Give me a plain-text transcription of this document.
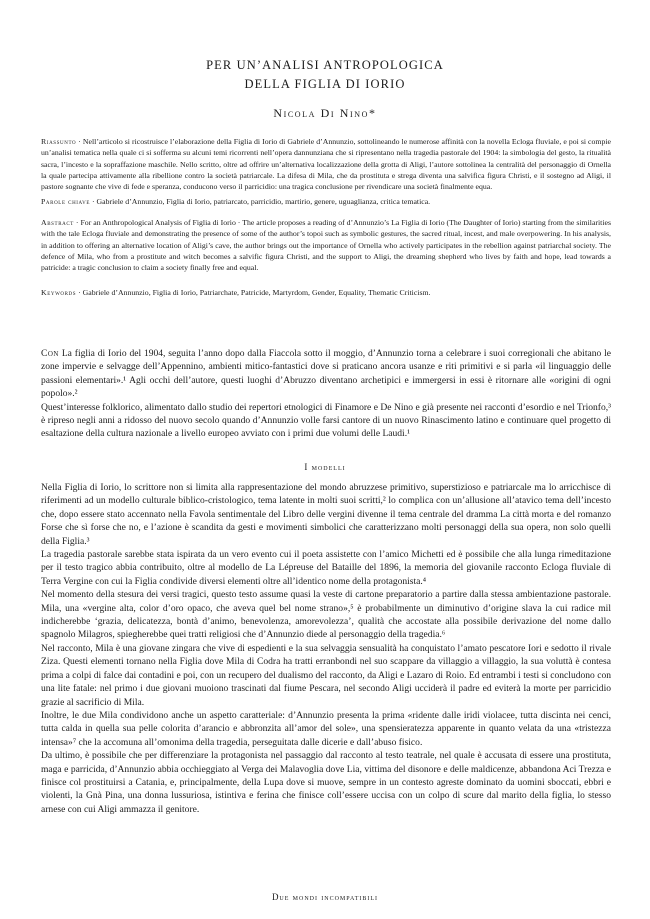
PER UN’ANALISI ANTROPOLOGICA
DELLA FIGLIA DI IORIO
Nicola Di Nino*
Riassunto · Nell’articolo si ricostruisce l’elaborazione della Figlia di Iorio di Gabriele d’Annunzio, sottolineando le numerose affinità con la novella Ecloga fluviale, e poi si compie un’analisi tematica nella quale ci si sofferma su alcuni temi ricorrenti nell’opera dannunziana che si ripresentano nella tragedia pastorale del 1904: la simbologia del gesto, la ritualità sacra, l’incesto e la sopraffazione maschile. Nello scritto, oltre ad offrire un’alternativa localizzazione della grotta di Aligi, l’autore sottolinea la centralità del personaggio di Ornella la quale partecipa attivamente alla ribellione contro la società patriarcale. La difesa di Mila, che da prostituta e strega diventa una salvifica figura Christi, e il sostegno ad Aligi, il pastore sognante che vive di fede e speranza, conducono verso il parricidio: una tragica conclusione per rivendicare una società finalmente equa.
Parole chiave · Gabriele d’Annunzio, Figlia di Iorio, patriarcato, parricidio, martirio, genere, uguaglianza, critica tematica.
Abstract · For an Anthropological Analysis of Figlia di Iorio · The article proposes a reading of d’Annunzio’s La Figlia di Iorio (The Daughter of Iorio) starting from the similarities with the tale Ecloga fluviale and demonstrating the presence of some of the author’s topoi such as symbolic gestures, the sacred ritual, incest, and male overpowering. In his analysis, in addition to offering an alternative location of Aligi’s cave, the author brings out the importance of Ornella who actively participates in the rebellion against patriarchal society. The defence of Mila, who from a prostitute and witch becomes a salvific figura Christi, and the support to Aligi, the dreaming shepherd who lives by faith and hope, lead towards a patricide: a tragic conclusion to claim a society finally free and equal.
Keywords · Gabriele d’Annunzio, Figlia di Iorio, Patriarchate, Patricide, Martyrdom, Gender, Equality, Thematic Criticism.

Con La figlia di Iorio del 1904, seguita l’anno dopo dalla Fiaccola sotto il moggio, d’Annunzio torna a celebrare i suoi corregionali che abitano le zone impervie e selvagge dell’Appennino, ambienti mitico-fantastici dove si praticano ancora usanze e riti primitivi e si parla «il linguaggio delle passioni elementari».¹ Agli occhi dell’autore, questi luoghi d’Abruzzo diventano archetipici e immergersi in essi è ritornare alle «origini di ogni popolo».²

Quest’interesse folklorico, alimentato dallo studio dei repertori etnologici di Finamore e De Nino e già presente nei racconti d’esordio e nel Trionfo,³ è ripreso negli anni a ridosso del nuovo secolo quando d’Annunzio volle farsi cantore di un nuovo Rinascimento latino e continuare quel progetto di esaltazione della cultura nazionale a livello europeo avviato con i primi due volumi delle Laudi.¹

I modelli

Nella Figlia di Iorio, lo scrittore non si limita alla rappresentazione del mondo abruzzese primitivo, superstizioso e patriarcale ma lo arricchisce di riferimenti ad un modello culturale biblico-cristologico, tema latente in molti suoi scritti,² lo complica con un’allusione all’atavico tema dell’incesto che, dopo essere stato accennato nella Favola sentimentale del Libro delle vergini divenne il tema centrale del dramma La città morta e del romanzo Forse che sì forse che no, e l’azione è scandita da gesti e movimenti simbolici che caratterizzano molti personaggi della sua opera, non solo quelli della Figlia.³

La tragedia pastorale sarebbe stata ispirata da un vero evento cui il poeta assistette con l’amico Michetti ed è possibile che alla lunga rimeditazione per il testo tragico abbia contribuito, oltre al modello de La Lépreuse del Bataille del 1896, la memoria del giovanile racconto Ecloga fluviale di Terra Vergine con cui la Figlia condivide diversi elementi oltre all’identico nome della protagonista.⁴

Nel momento della stesura dei versi tragici, questo testo assume quasi la veste di cartone preparatorio a partire dalla stessa ambientazione pastorale. Mila, una «vergine alta, color d’oro opaco, che aveva quel bel nome strano»,⁵ è probabilmente un diminutivo d’origine slava la cui radice mil indicherebbe ‘grazia, delicatezza, bontà d’animo, benevolenza, amorevolezza’, qualità che accostate alla possibile derivazione del nome dallo spagnolo Milagros, spiegherebbe quei tratti religiosi che d’Annunzio diede al personaggio della tragedia.⁶

Nel racconto, Mila è una giovane zingara che vive di espedienti e la sua selvaggia sensualità ha conquistato l’amato pescatore Iori e sedotto il rivale Ziza. Questi elementi tornano nella Figlia dove Mila di Codra ha tratti erranbondi nel suo scappare da villaggio a villaggio, la sua voluttà è contesa prima a colpi di falce dai contadini e poi, con un recupero del dualismo del racconto, da Aligi e Lazaro di Roio. Ed entrambi i testi si concludono con una lite fatale: nel primo i due giovani muoiono trascinati dal fiume Pescara, nel secondo Aligi ucciderà il padre ed eviterà la morte per parricidio grazie al sacrificio di Mila.

Inoltre, le due Mila condividono anche un aspetto caratteriale: d’Annunzio presenta la prima «ridente dalle iridi violacee, tutta discinta nei cenci, tutta calda in quella sua pelle colorita d’arancio e abbronzita all’amor del sole», una spensieratezza apparente in quanto velata da una «tristezza intensa»⁷ che la accomuna all’omonima della tragedia, perseguitata dalle dicerie e dall’abuso fisico.

Da ultimo, è possibile che per differenziare la protagonista nel passaggio dal racconto al testo teatrale, nel quale è accusata di essere una prostituta, maga e parricida, d’Annunzio abbia occhieggiato al Verga dei Malavoglia dove Lia, vittima del disonore e delle maldicenze, abbandona Aci Trezza e finisce col prostituirsi a Catania, e, principalmente, della Lupa dove si muove, sempre in un contesto agreste dominato da uomini sboccati, ebbri e violenti, la Gnà Pina, una donna lussuriosa, istintiva e ferina che finisce coll’essere uccisa con un colpo di scure dal marito della figlia, lo stesso arnese con cui Aligi ammazza il genitore.

Due mondi incompatibili
